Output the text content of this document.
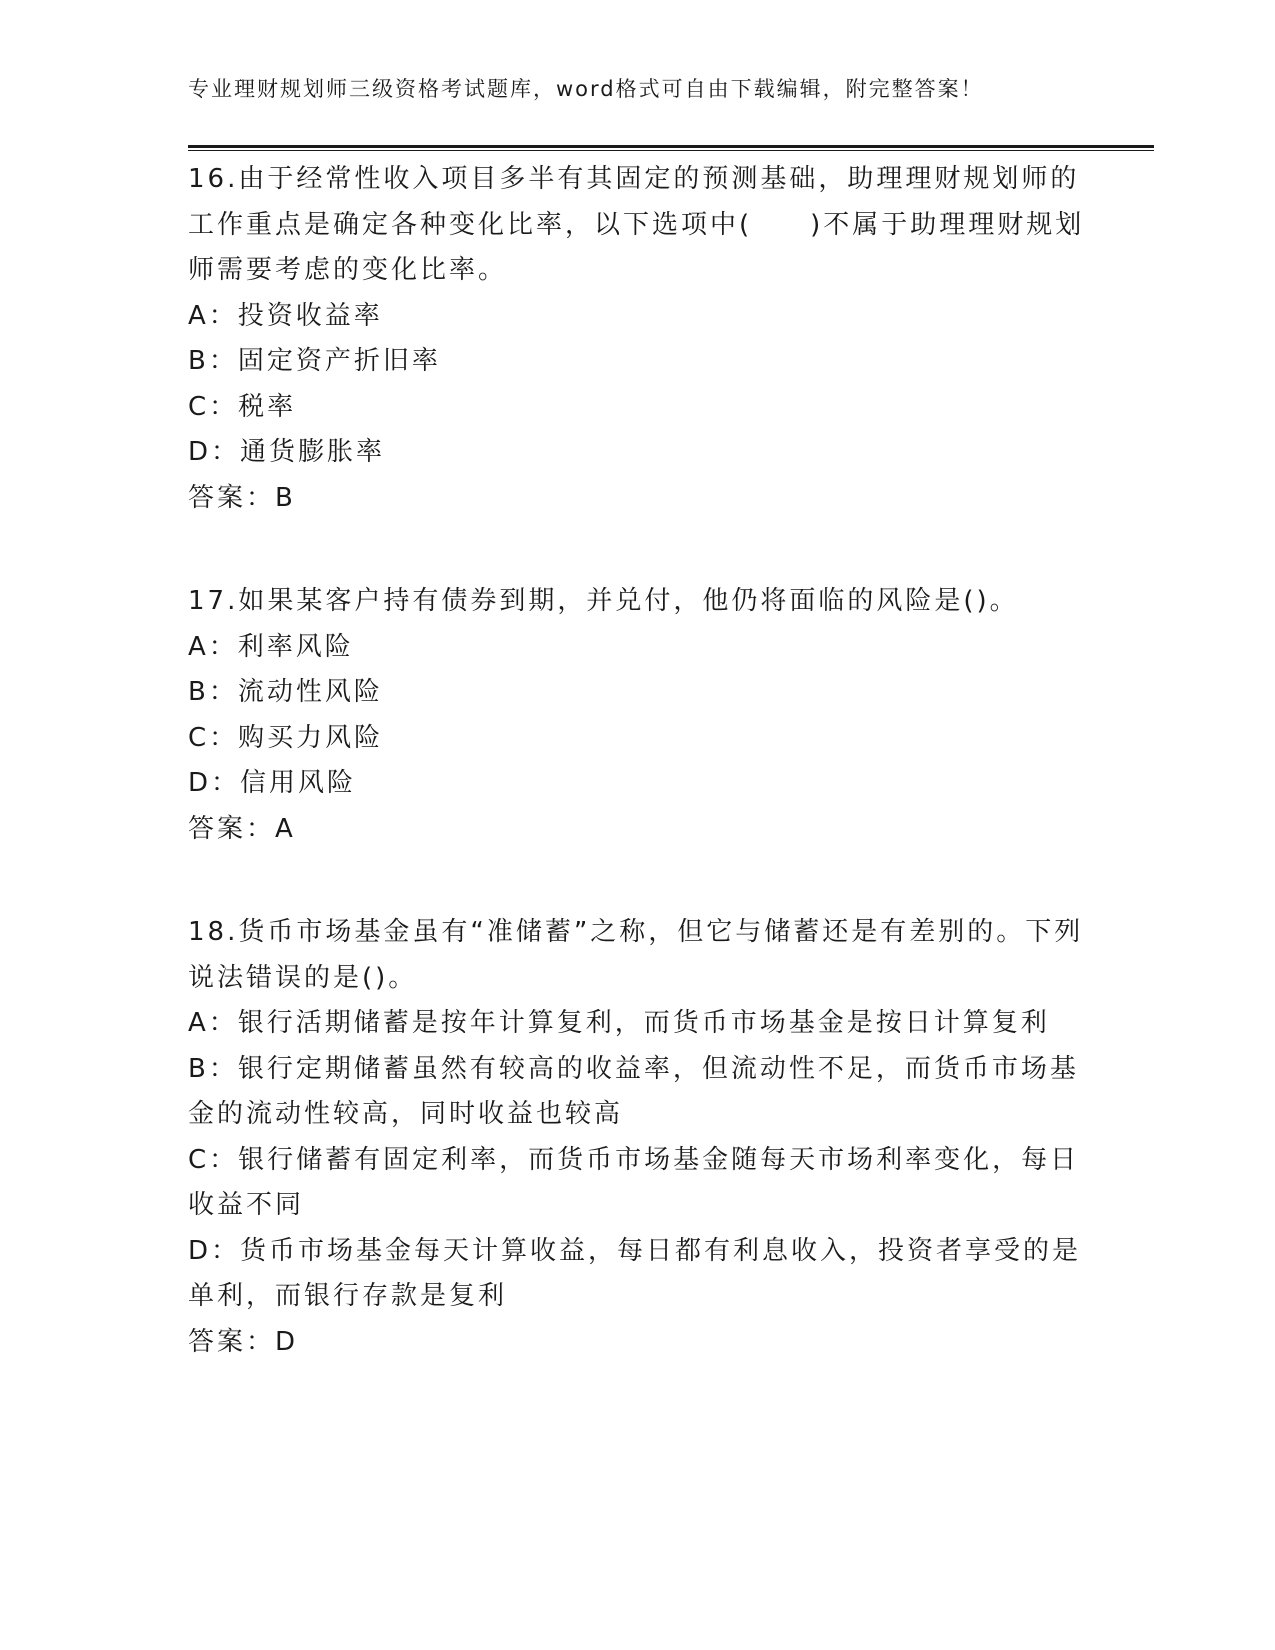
专业理财规划师三级资格考试题库，word格式可自由下载编辑，附完整答案！

16.由于经常性收入项目多半有其固定的预测基础，助理理财规划师的工作重点是确定各种变化比率，以下选项中(　　)不属于助理理财规划师需要考虑的变化比率。

A：投资收益率

B：固定资产折旧率

C：税率

D：通货膨胀率

答案：B

17.如果某客户持有债券到期，并兑付，他仍将面临的风险是()。

A：利率风险

B：流动性风险

C：购买力风险

D：信用风险

答案：A

18.货币市场基金虽有“准储蓄”之称，但它与储蓄还是有差别的。下列说法错误的是()。

A：银行活期储蓄是按年计算复利，而货币市场基金是按日计算复利

B：银行定期储蓄虽然有较高的收益率，但流动性不足，而货币市场基金的流动性较高，同时收益也较高

C：银行储蓄有固定利率，而货币市场基金随每天市场利率变化，每日收益不同

D：货币市场基金每天计算收益，每日都有利息收入，投资者享受的是单利，而银行存款是复利

答案：D
